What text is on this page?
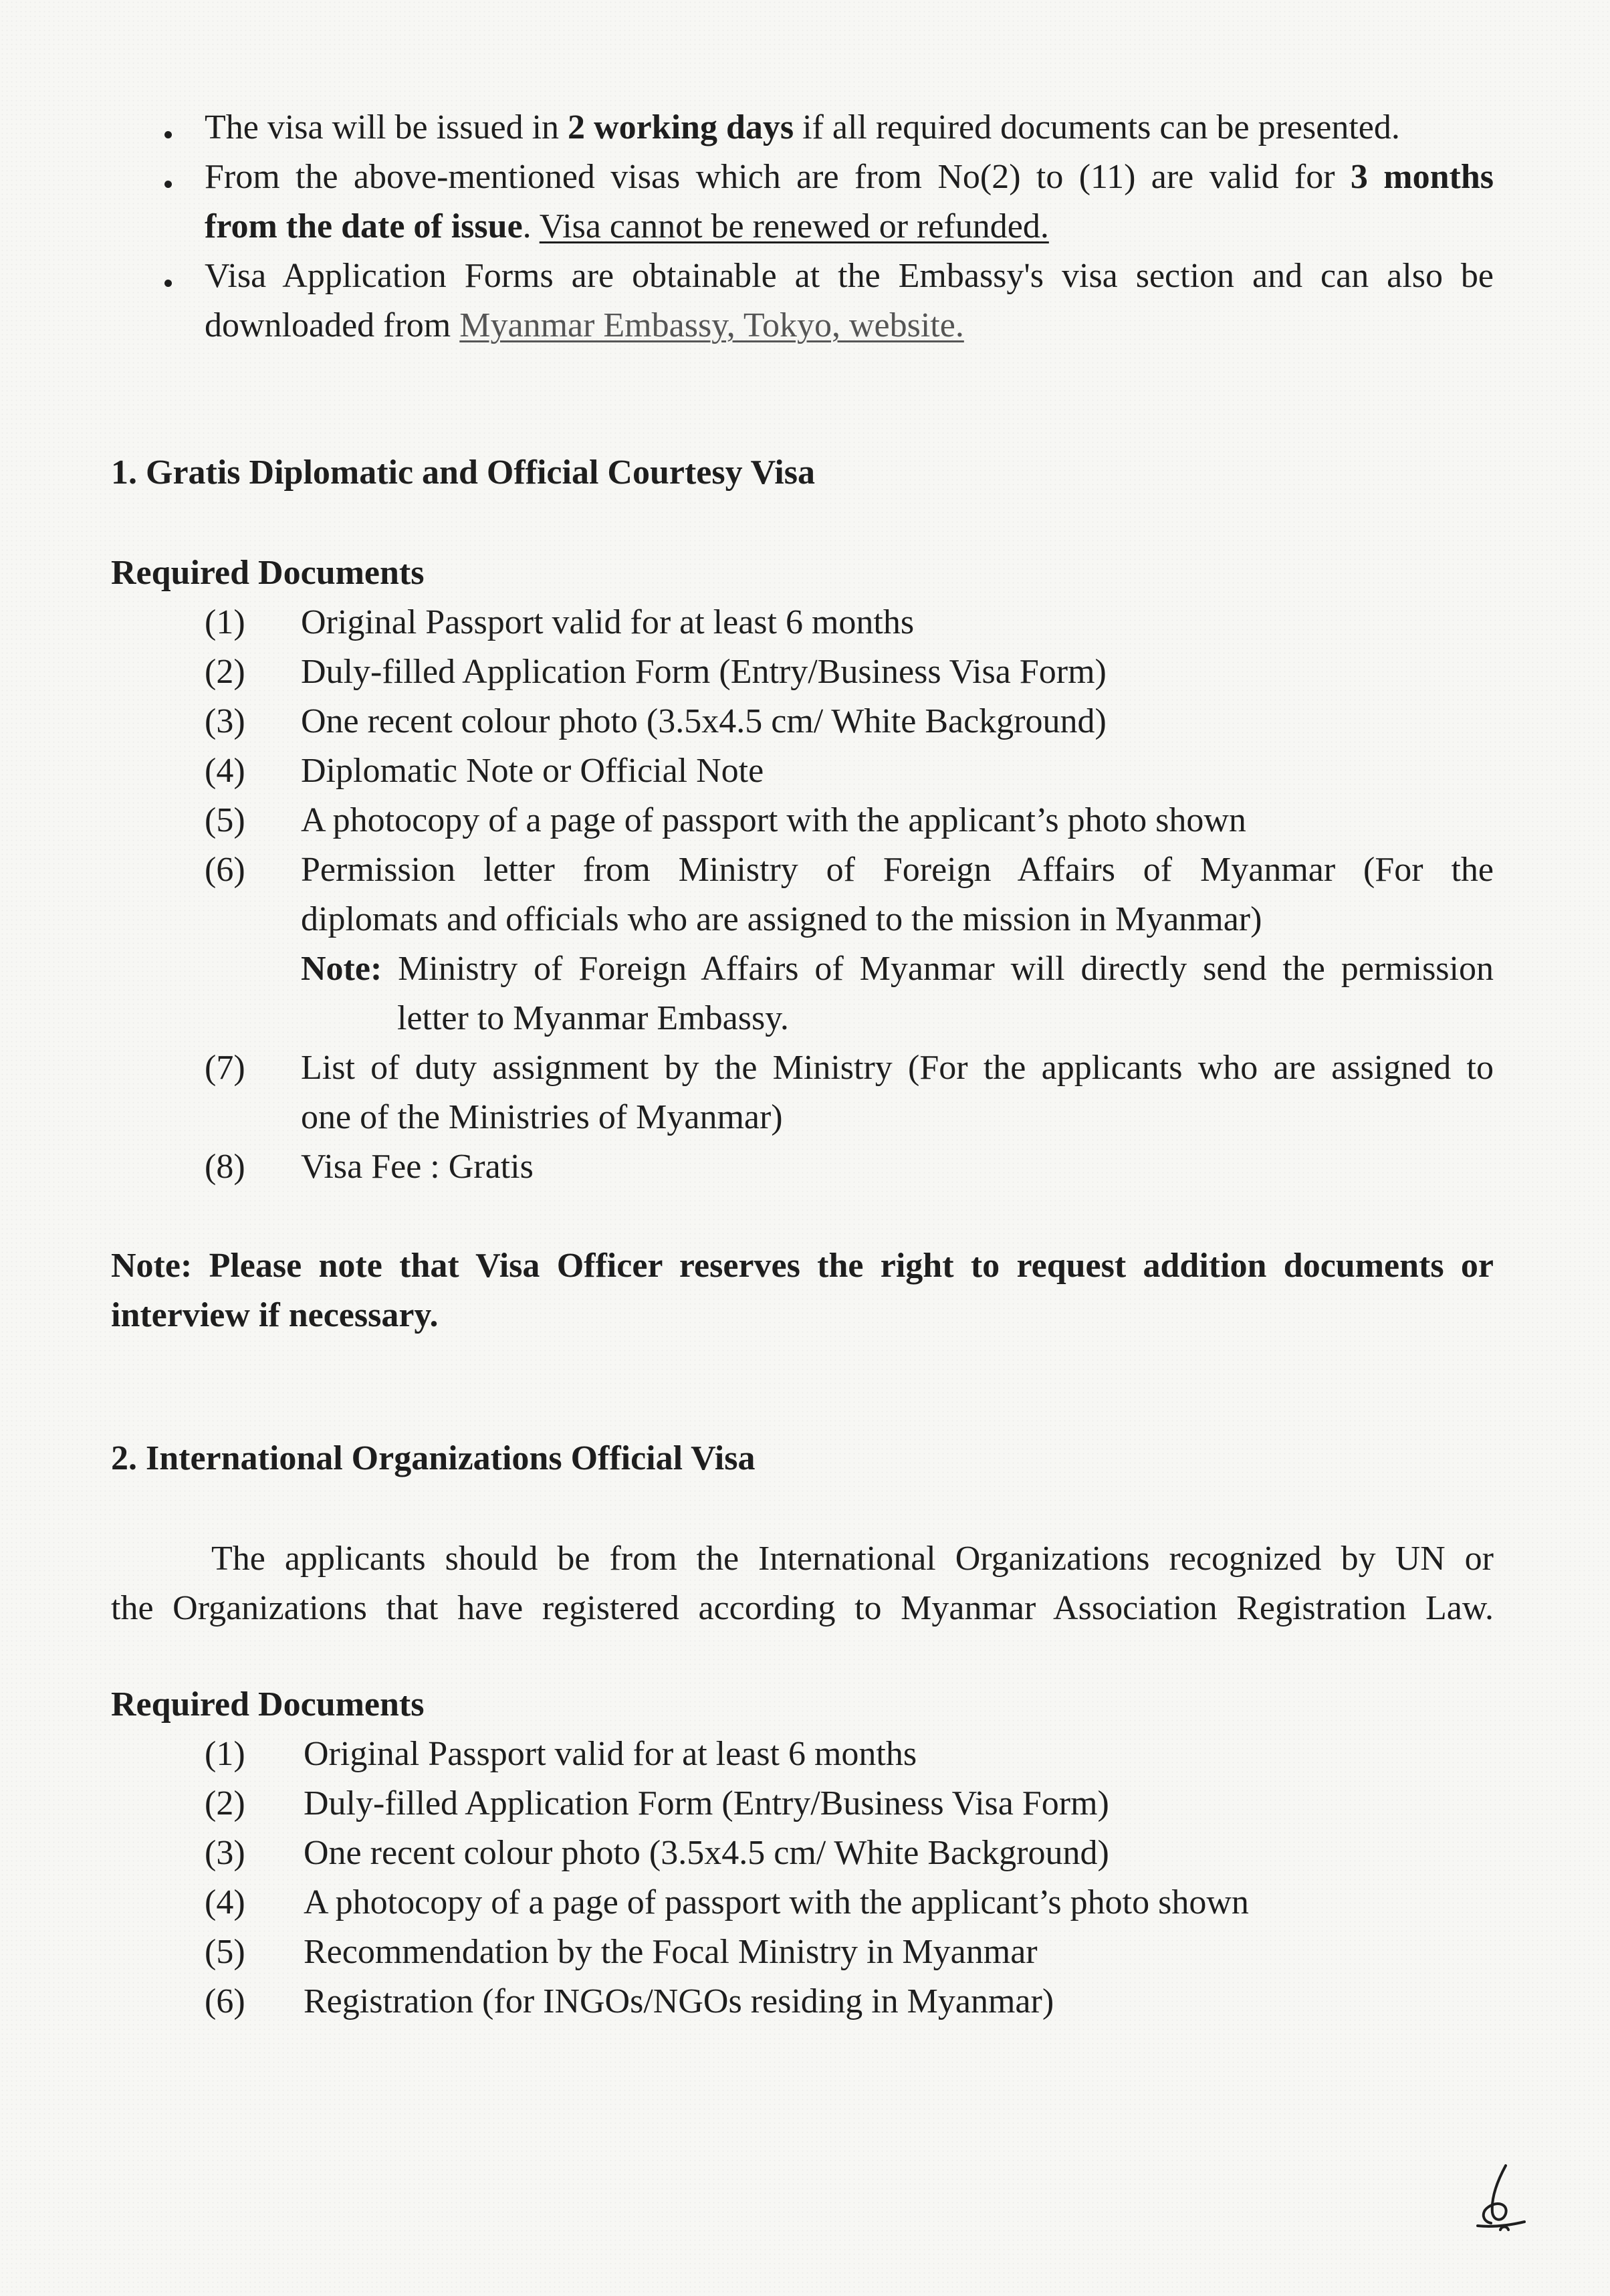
The visa will be issued in 2 working days if all required documents can be presented.
From the above-mentioned visas which are from No(2) to (11) are valid for 3 months
from the date of issue. Visa cannot be renewed or refunded.
Visa Application Forms are obtainable at the Embassy's visa section and can also be
downloaded from Myanmar Embassy, Tokyo, website.
1. Gratis Diplomatic and Official Courtesy Visa
Required Documents
(1) Original Passport valid for at least 6 months
(2) Duly-filled Application Form (Entry/Business Visa Form)
(3) One recent colour photo (3.5x4.5 cm/ White Background)
(4) Diplomatic Note or Official Note
(5) A photocopy of a page of passport with the applicant’s photo shown
(6) Permission letter from Ministry of Foreign Affairs of Myanmar (For the
diplomats and officials who are assigned to the mission in Myanmar)
Note: Ministry of Foreign Affairs of Myanmar will directly send the permission
letter to Myanmar Embassy.
(7) List of duty assignment by the Ministry (For the applicants who are assigned to
one of the Ministries of Myanmar)
(8) Visa Fee : Gratis
Note: Please note that Visa Officer reserves the right to request addition documents or
interview if necessary.
2. International Organizations Official Visa
The applicants should be from the International Organizations recognized by UN or
the Organizations that have registered according to Myanmar Association Registration Law.
Required Documents
(1) Original Passport valid for at least 6 months
(2) Duly-filled Application Form (Entry/Business Visa Form)
(3) One recent colour photo (3.5x4.5 cm/ White Background)
(4) A photocopy of a page of passport with the applicant’s photo shown
(5) Recommendation by the Focal Ministry in Myanmar
(6) Registration (for INGOs/NGOs residing in Myanmar)
